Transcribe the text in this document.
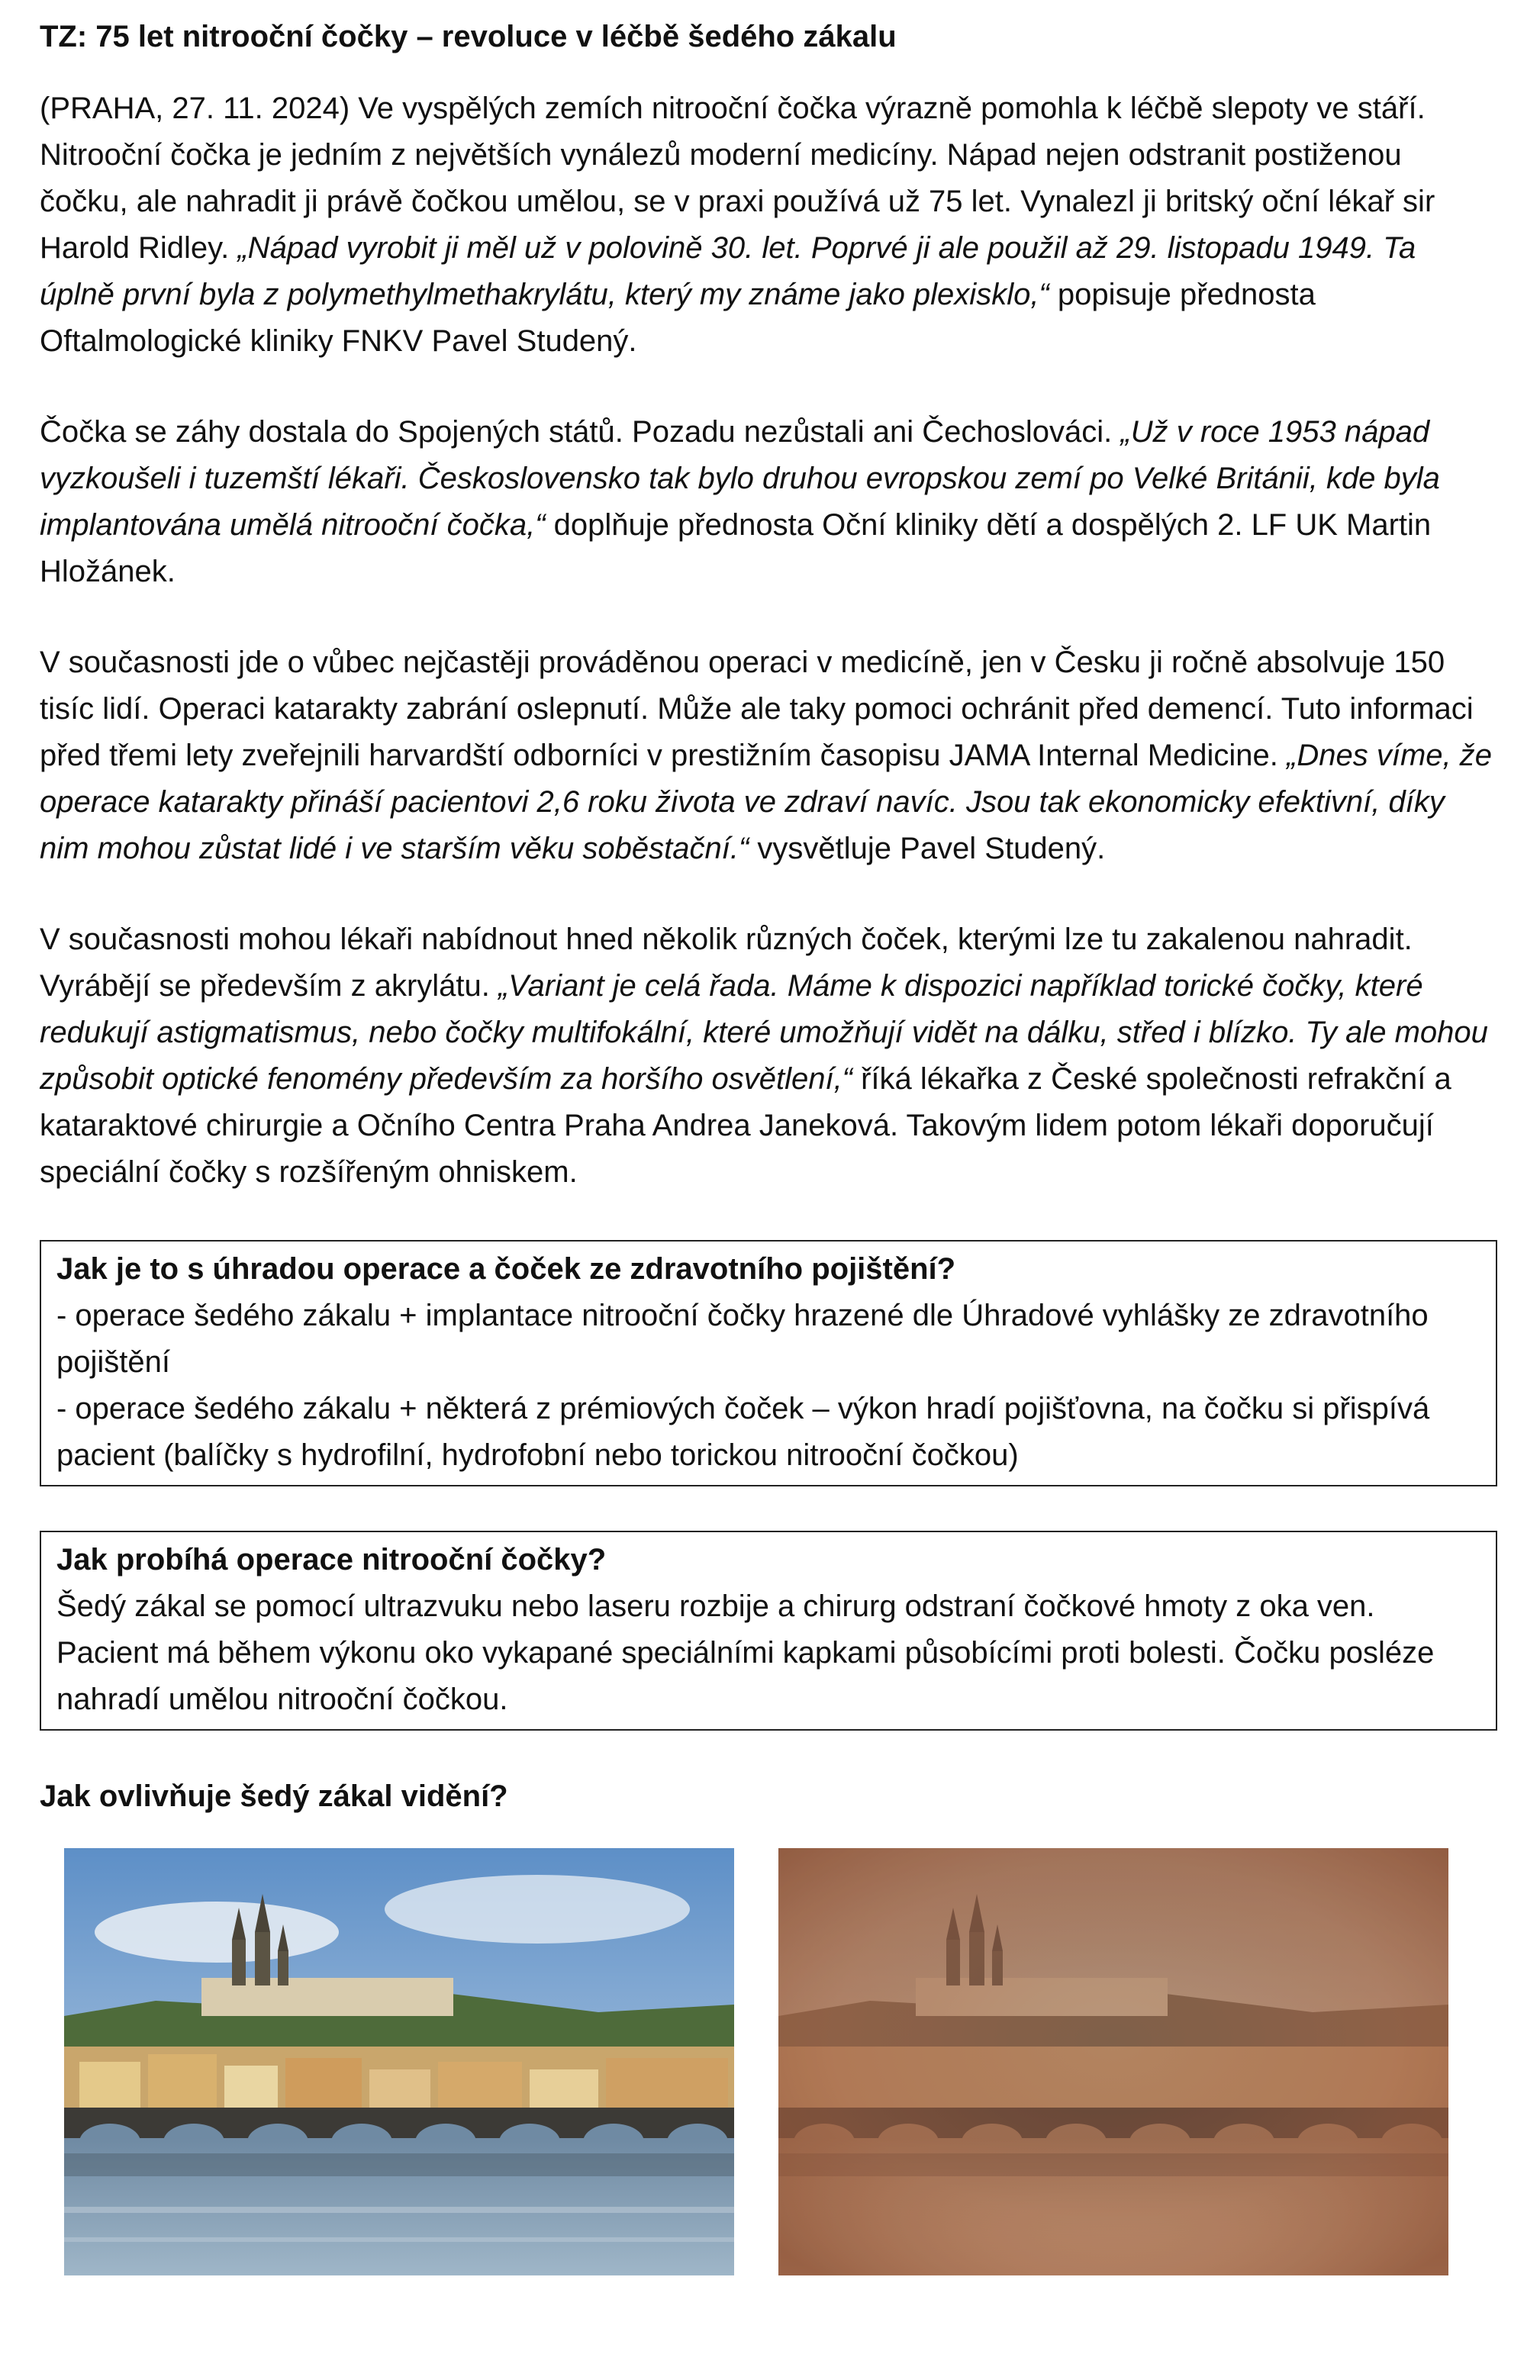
TZ: 75 let nitrooční čočky – revoluce v léčbě šedého zákalu

(PRAHA, 27. 11. 2024) Ve vyspělých zemích nitrooční čočka výrazně pomohla k léčbě slepoty ve stáří. Nitrooční čočka je jedním z největších vynálezů moderní medicíny. Nápad nejen odstranit postiženou čočku, ale nahradit ji právě čočkou umělou, se v praxi používá už 75 let. Vynalezl ji britský oční lékař sir Harold Ridley. „Nápad vyrobit ji měl už v polovině 30. let. Poprvé ji ale použil až 29. listopadu 1949. Ta úplně první byla z polymethylmethakrylátu, který my známe jako plexisklo,“ popisuje přednosta Oftalmologické kliniky FNKV Pavel Studený.

Čočka se záhy dostala do Spojených států. Pozadu nezůstali ani Čechoslováci. „Už v roce 1953 nápad vyzkoušeli i tuzemští lékaři. Československo tak bylo druhou evropskou zemí po Velké Británii, kde byla implantována umělá nitrooční čočka,“ doplňuje přednosta Oční kliniky dětí a dospělých 2. LF UK Martin Hložánek.

V současnosti jde o vůbec nejčastěji prováděnou operaci v medicíně, jen v Česku ji ročně absolvuje 150 tisíc lidí. Operaci katarakty zabrání oslepnutí. Může ale taky pomoci ochránit před demencí. Tuto informaci před třemi lety zveřejnili harvardští odborníci v prestižním časopisu JAMA Internal Medicine. „Dnes víme, že operace katarakty přináší pacientovi 2,6 roku života ve zdraví navíc. Jsou tak ekonomicky efektivní, díky nim mohou zůstat lidé i ve starším věku soběstační.“ vysvětluje Pavel Studený.

V současnosti mohou lékaři nabídnout hned několik různých čoček, kterými lze tu zakalenou nahradit. Vyrábějí se především z akrylátu. „Variant je celá řada. Máme k dispozici například torické čočky, které redukují astigmatismus, nebo čočky multifokální, které umožňují vidět na dálku, střed i blízko. Ty ale mohou způsobit optické fenomény především za horšího osvětlení,“ říká lékařka z České společnosti refrakční a kataraktové chirurgie a Očního Centra Praha Andrea Janeková. Takovým lidem potom lékaři doporučují speciální čočky s rozšířeným ohniskem.

Jak je to s úhradou operace a čoček ze zdravotního pojištění?
- operace šedého zákalu + implantace nitrooční čočky hrazené dle Úhradové vyhlášky ze zdravotního pojištění
- operace šedého zákalu + některá z prémiových čoček – výkon hradí pojišťovna, na čočku si přispívá pacient (balíčky s hydrofilní, hydrofobní nebo torickou nitrooční čočkou)
Jak probíhá operace nitrooční čočky?
Šedý zákal se pomocí ultrazvuku nebo laseru rozbije a chirurg odstraní čočkové hmoty z oka ven. Pacient má během výkonu oko vykapané speciálními kapkami působícími proti bolesti. Čočku posléze nahradí umělou nitrooční čočkou.
Jak ovlivňuje šedý zákal vidění?
